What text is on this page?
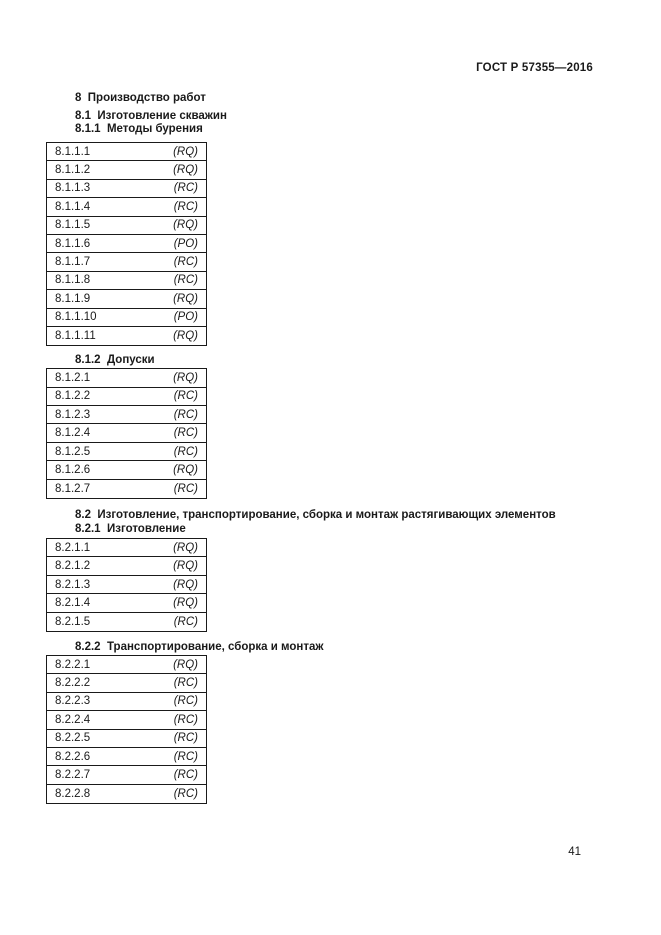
ГОСТ Р 57355—2016
8  Производство работ
8.1  Изготовление скважин
8.1.1  Методы бурения
8.1.1.1	(RQ)
8.1.1.2	(RQ)
8.1.1.3	(RC)
8.1.1.4	(RC)
8.1.1.5	(RQ)
8.1.1.6	(PO)
8.1.1.7	(RC)
8.1.1.8	(RC)
8.1.1.9	(RQ)
8.1.1.10	(PO)
8.1.1.11	(RQ)
8.1.2  Допуски
8.1.2.1	(RQ)
8.1.2.2	(RC)
8.1.2.3	(RC)
8.1.2.4	(RC)
8.1.2.5	(RC)
8.1.2.6	(RQ)
8.1.2.7	(RC)
8.2  Изготовление, транспортирование, сборка и монтаж растягивающих элементов
8.2.1  Изготовление
8.2.1.1	(RQ)
8.2.1.2	(RQ)
8.2.1.3	(RQ)
8.2.1.4	(RQ)
8.2.1.5	(RC)
8.2.2  Транспортирование, сборка и монтаж
8.2.2.1	(RQ)
8.2.2.2	(RC)
8.2.2.3	(RC)
8.2.2.4	(RC)
8.2.2.5	(RC)
8.2.2.6	(RC)
8.2.2.7	(RC)
8.2.2.8	(RC)
41
